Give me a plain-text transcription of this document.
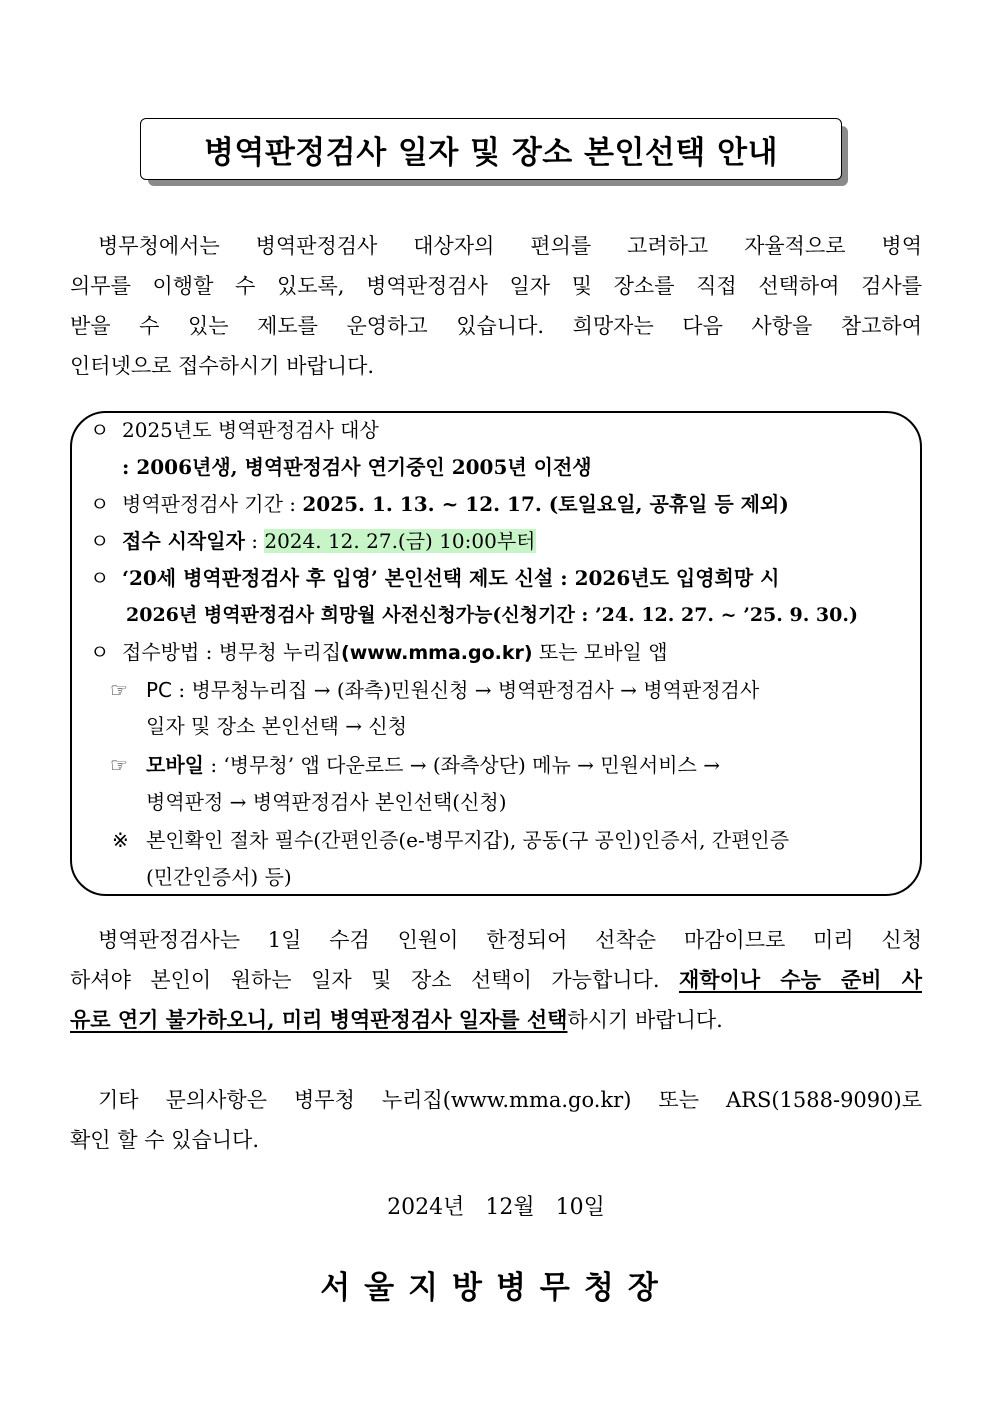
병역판정검사 일자 및 장소 본인선택 안내

병무청에서는 병역판정검사 대상자의 편의를 고려하고 자율적으로 병역

의무를 이행할 수 있도록, 병역판정검사 일자 및 장소를 직접 선택하여 검사를

받을 수 있는 제도를 운영하고 있습니다. 희망자는 다음 사항을 참고하여

인터넷으로 접수하시기 바랍니다.

ㅇ 2025년도 병역판정검사 대상
: 2006년생, 병역판정검사 연기중인 2005년 이전생
ㅇ 병역판정검사 기간 : 2025. 1. 13. ~ 12. 17. (토일요일, 공휴일 등 제외)
ㅇ 접수 시작일자 : 2024. 12. 27.(금) 10:00부터
ㅇ ‘20세 병역판정검사 후 입영’ 본인선택 제도 신설 : 2026년도 입영희망 시
2026년 병역판정검사 희망월 사전신청가능(신청기간 : ’24. 12. 27. ~ ’25. 9. 30.)
ㅇ 접수방법 : 병무청 누리집(www.mma.go.kr) 또는 모바일 앱
☞ PC : 병무청누리집 → (좌측)민원신청 → 병역판정검사 → 병역판정검사
일자 및 장소 본인선택 → 신청
☞ 모바일 : ‘병무청’ 앱 다운로드 → (좌측상단) 메뉴 → 민원서비스 →
병역판정 → 병역판정검사 본인선택(신청)
※ 본인확인 절차 필수(간편인증(e-병무지갑), 공동(구 공인)인증서, 간편인증
(민간인증서) 등)

병역판정검사는 1일 수검 인원이 한정되어 선착순 마감이므로 미리 신청

하셔야 본인이 원하는 일자 및 장소 선택이 가능합니다. 재학이나 수능 준비 사

유로 연기 불가하오니, 미리 병역판정검사 일자를 선택하시기 바랍니다.

기타 문의사항은 병무청 누리집(www.mma.go.kr) 또는 ARS(1588-9090)로

확인 할 수 있습니다.

2024년 12월 10일
서울지방병무청장
